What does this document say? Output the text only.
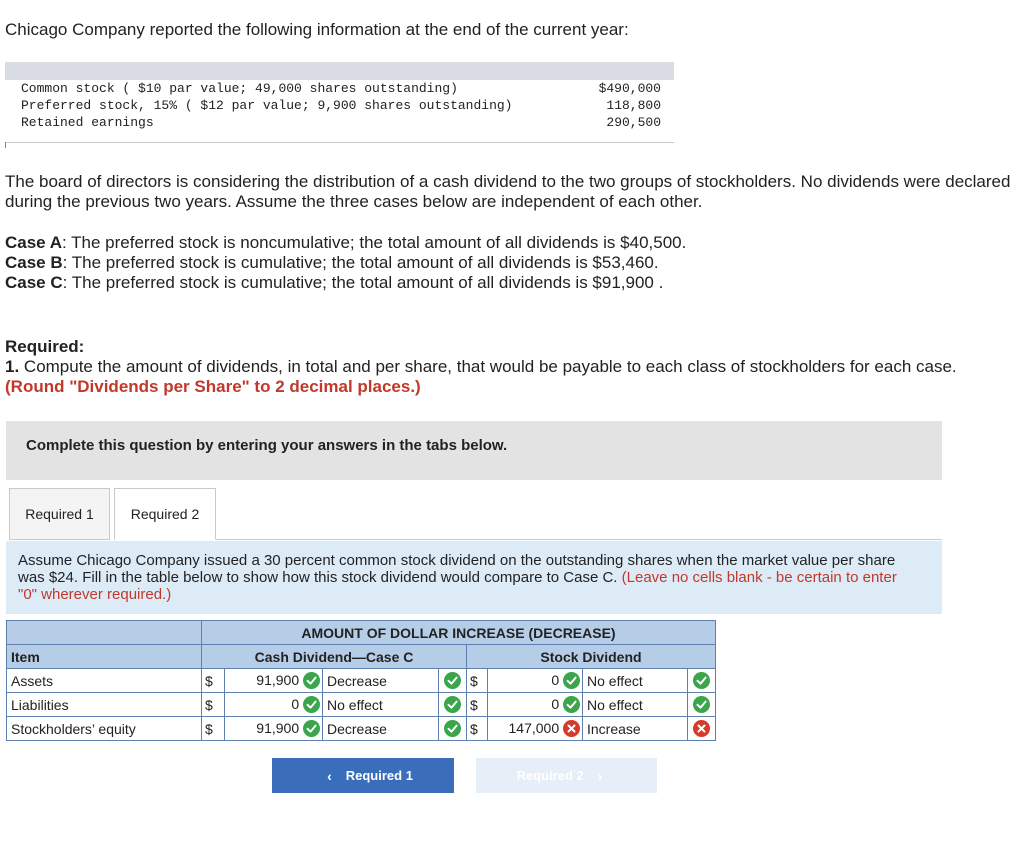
Chicago Company reported the following information at the end of the current year:
Common stock ( $10 par value; 49,000 shares outstanding)	$490,000
Preferred stock, 15% ( $12 par value; 9,900 shares outstanding)	118,800
Retained earnings	290,500
The board of directors is considering the distribution of a cash dividend to the two groups of stockholders. No dividends were declared during the previous two years. Assume the three cases below are independent of each other.
Case A: The preferred stock is noncumulative; the total amount of all dividends is $40,500.
Case B: The preferred stock is cumulative; the total amount of all dividends is $53,460.
Case C: The preferred stock is cumulative; the total amount of all dividends is $91,900 .
Required:
1. Compute the amount of dividends, in total and per share, that would be payable to each class of stockholders for each case.
(Round "Dividends per Share" to 2 decimal places.)
Complete this question by entering your answers in the tabs below.
Required 1	Required 2
Assume Chicago Company issued a 30 percent common stock dividend on the outstanding shares when the market value per share was $24. Fill in the table below to show how this stock dividend would compare to Case C. (Leave no cells blank - be certain to enter "0" wherever required.)
	AMOUNT OF DOLLAR INCREASE (DECREASE)							
Item	Cash Dividend—Case C				Stock Dividend			
Assets	$	91,900	Decrease		$	0	No effect	

Liabilities	$	0	No effect		$	0	No effect	

Stockholders’ equity	$	91,900	Decrease		$	147,000	Increase	
‹ Required 1	Required 2 ›
